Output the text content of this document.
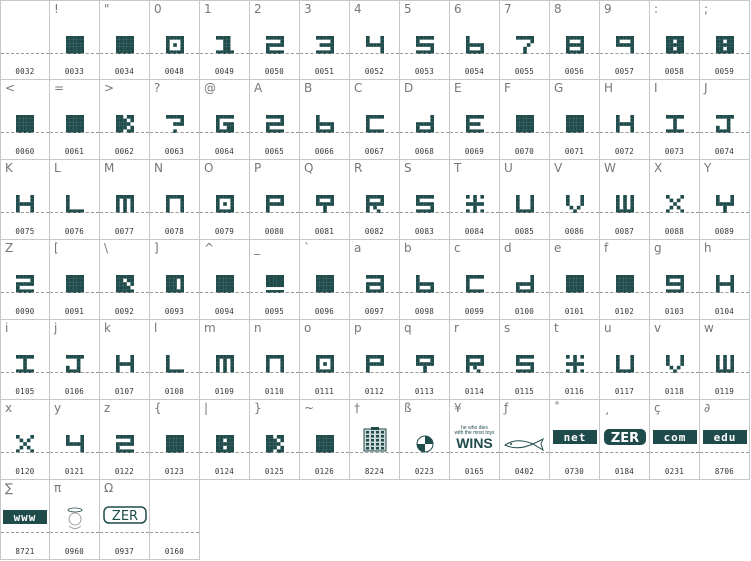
0032
!
0033
"
0034
0
0048
1
0049
2
0050
3
0051
4
0052
5
0053
6
0054
7
0055
8
0056
9
0057
:
0058
;
0059
<
0060
=
0061
>
0062
?
0063
@
0064
A
0065
B
0066
C
0067
D
0068
E
0069
F
0070
G
0071
H
0072
I
0073
J
0074
K
0075
L
0076
M
0077
N
0078
O
0079
P
0080
Q
0081
R
0082
S
0083
T
0084
U
0085
V
0086
W
0087
X
0088
Y
0089
Z
0090
[
0091
\
0092
]
0093
^
0094
_
0095
`
0096
a
0097
b
0098
c
0099
d
0100
e
0101
f
0102
g
0103
h
0104
i
0105
j
0106
k
0107
l
0108
m
0109
n
0110
o
0111
p
0112
q
0113
r
0114
s
0115
t
0116
u
0117
v
0118
w
0119
x
0120
y
0121
z
0122
{
0123
|
0124
}
0125
~
0126
†
8224
ß
0223
¥
he who dies
with the most toys
WINS
0165
ƒ
0402
˚
net
0730
¸
ZER
0184
ç
com
0231
∂
edu
8706
∑
www
8721
π
0960
Ω
ZER
0937	0160
